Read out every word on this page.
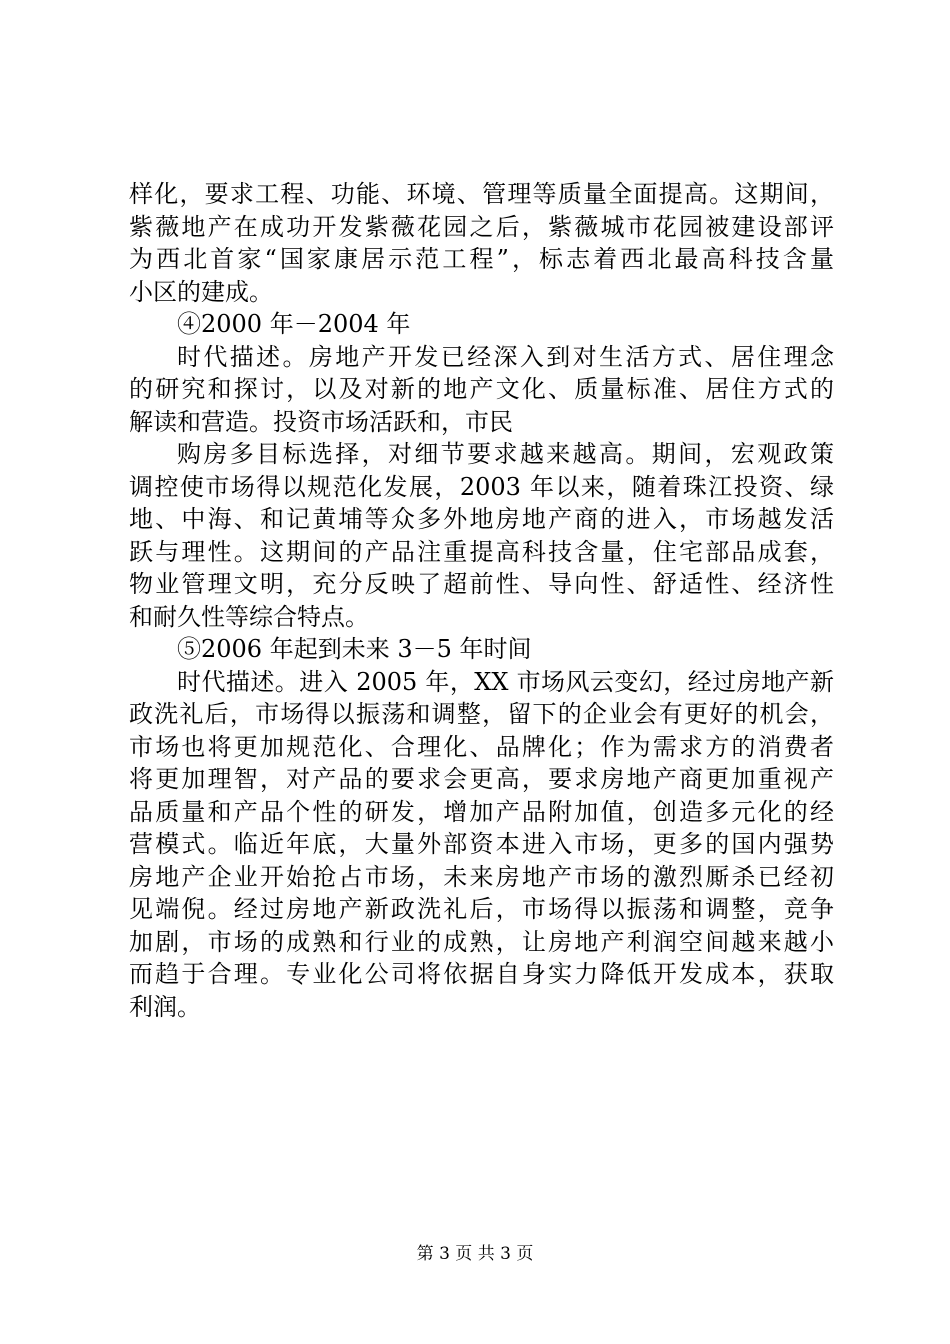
样化，要求工程、功能、环境、管理等质量全面提高。这期间，
紫薇地产在成功开发紫薇花园之后，紫薇城市花园被建设部评
为西北首家“国家康居示范工程”，标志着西北最高科技含量
小区的建成。
④2000 年－2004 年
时代描述。房地产开发已经深入到对生活方式、居住理念
的研究和探讨，以及对新的地产文化、质量标准、居住方式的
解读和营造。投资市场活跃和，市民
购房多目标选择，对细节要求越来越高。期间，宏观政策
调控使市场得以规范化发展，2003 年以来，随着珠江投资、绿
地、中海、和记黄埔等众多外地房地产商的进入，市场越发活
跃与理性。这期间的产品注重提高科技含量，住宅部品成套，
物业管理文明，充分反映了超前性、导向性、舒适性、经济性
和耐久性等综合特点。
⑤2006 年起到未来 3－5 年时间
时代描述。进入 2005 年，XX 市场风云变幻，经过房地产新
政洗礼后，市场得以振荡和调整，留下的企业会有更好的机会，
市场也将更加规范化、合理化、品牌化；作为需求方的消费者
将更加理智，对产品的要求会更高，要求房地产商更加重视产
品质量和产品个性的研发，增加产品附加值，创造多元化的经
营模式。临近年底，大量外部资本进入市场，更多的国内强势
房地产企业开始抢占市场，未来房地产市场的激烈厮杀已经初
见端倪。经过房地产新政洗礼后，市场得以振荡和调整，竞争
加剧，市场的成熟和行业的成熟，让房地产利润空间越来越小
而趋于合理。专业化公司将依据自身实力降低开发成本，获取
利润。
第 3 页 共 3 页
